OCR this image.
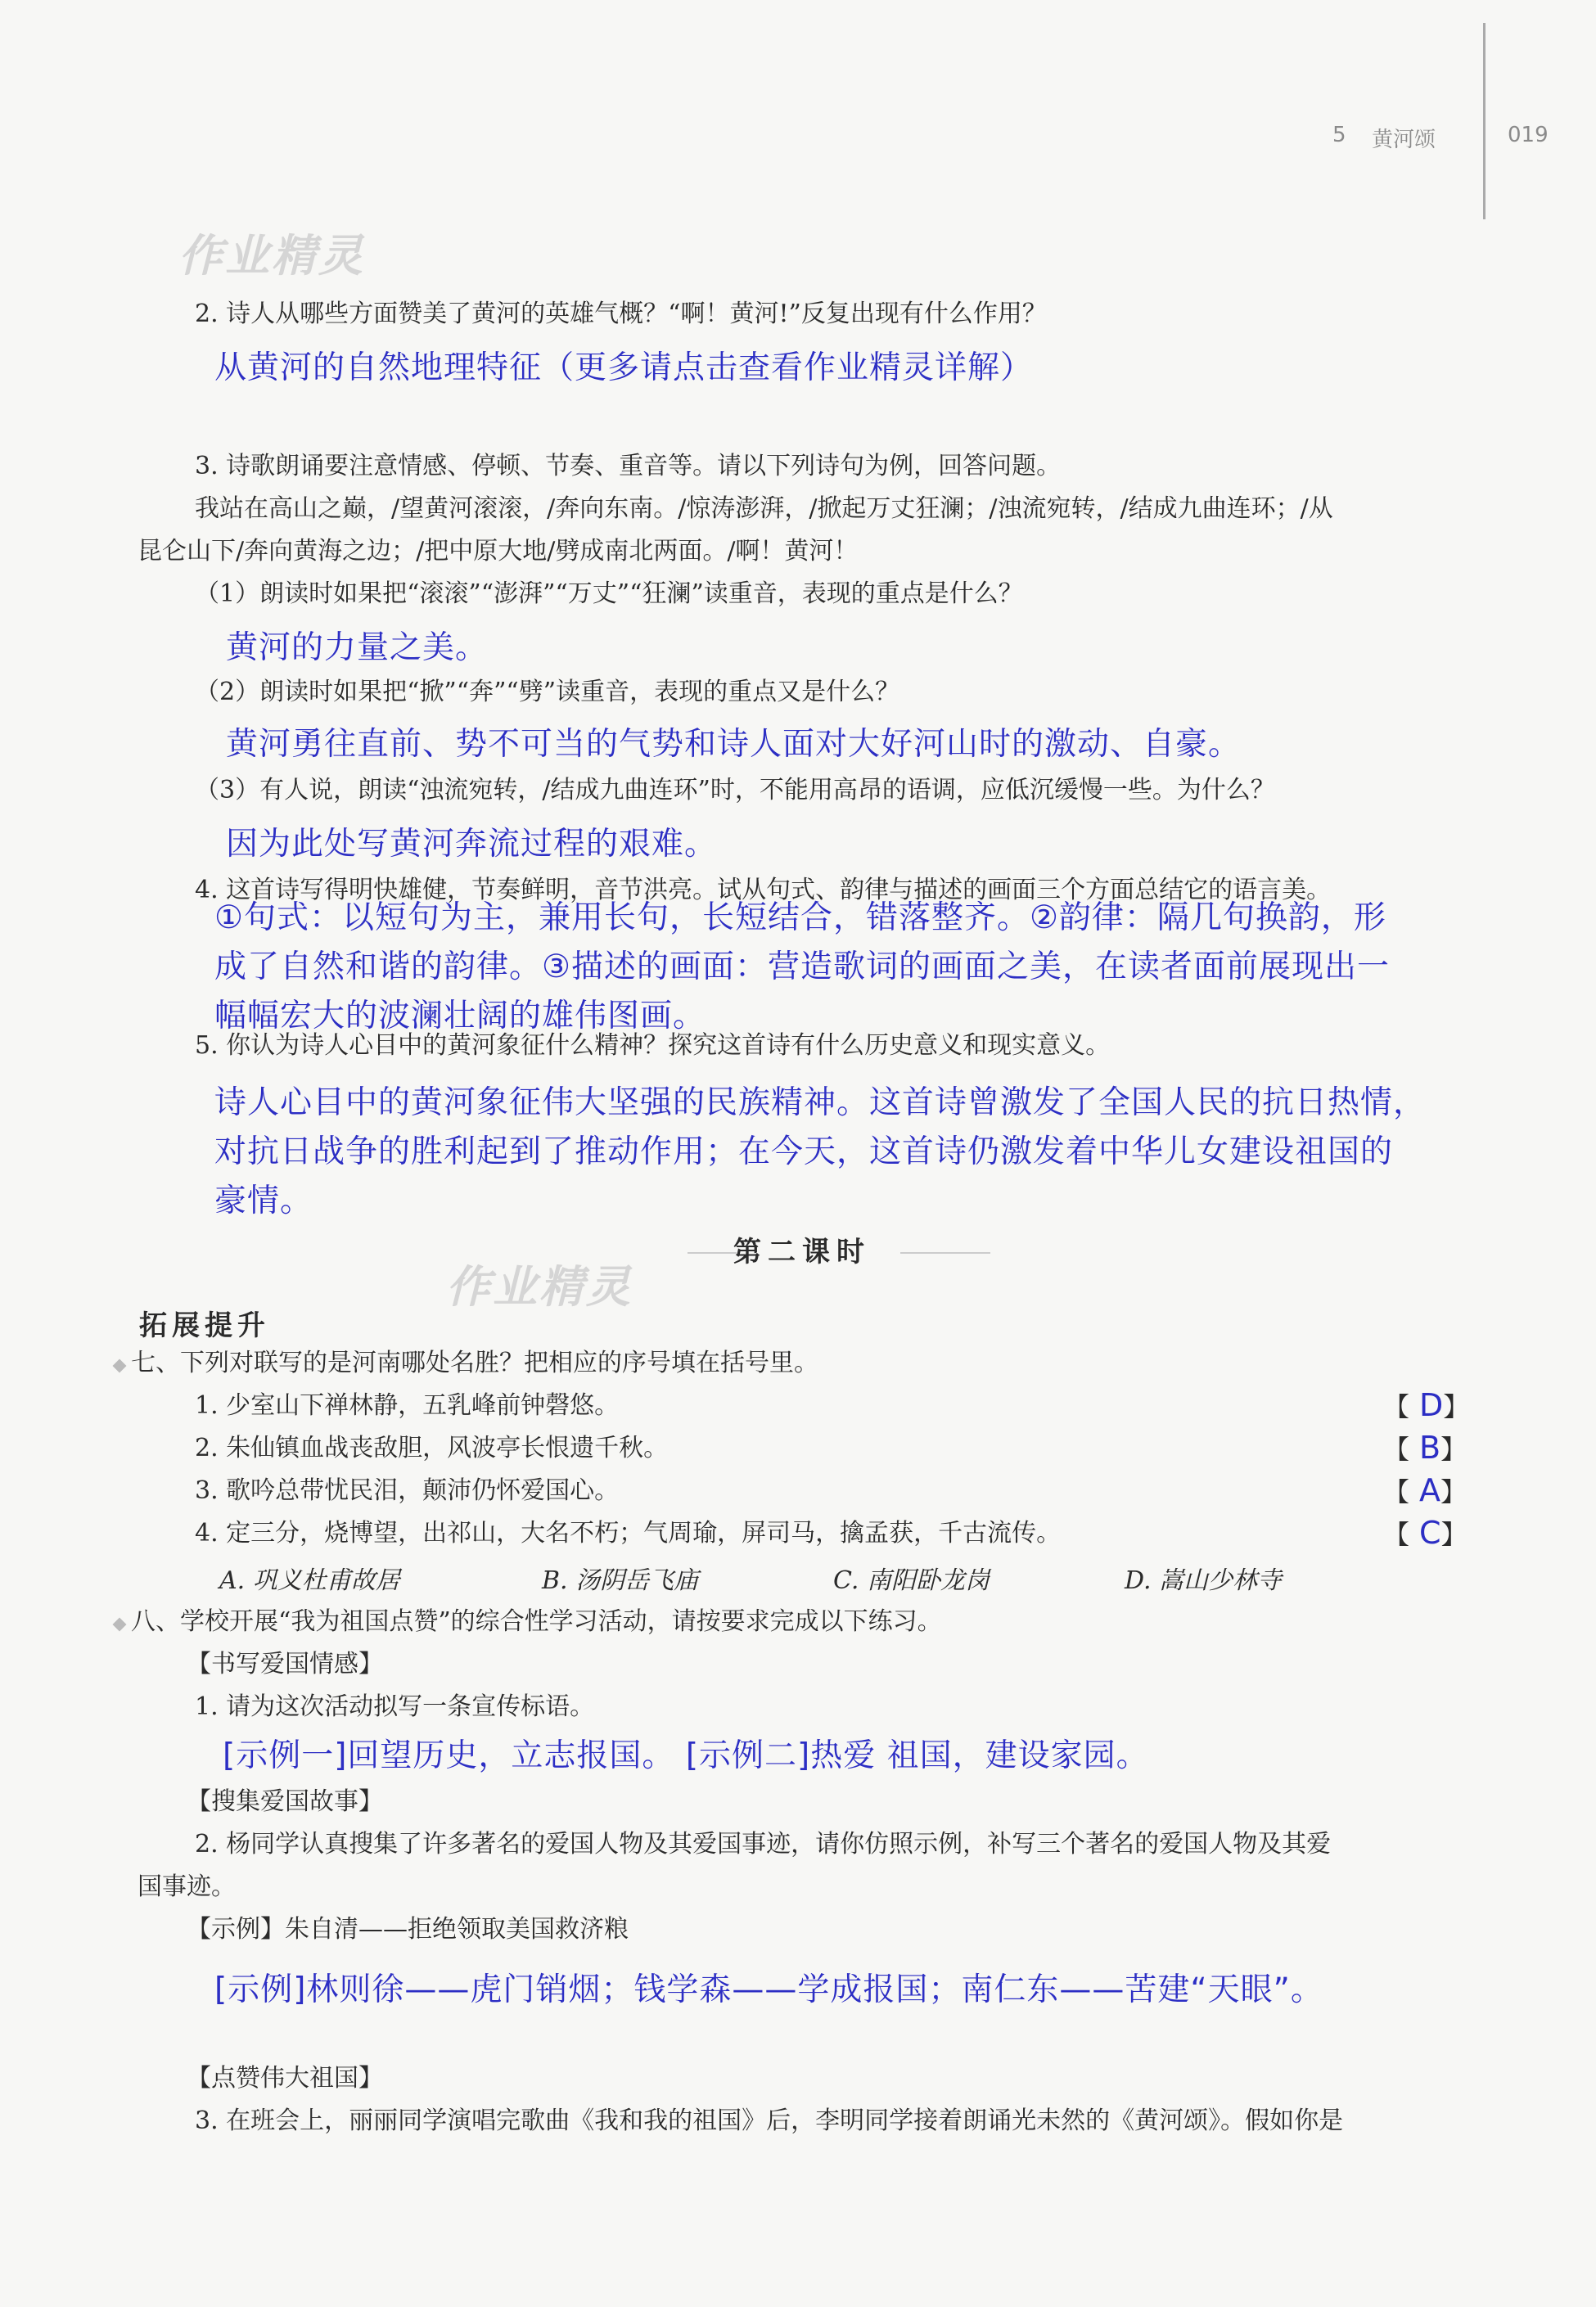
5 黄河颂	019
作业精灵
2. 诗人从哪些方面赞美了黄河的英雄气概？“啊！黄河!”反复出现有什么作用？
从黄河的自然地理特征（更多请点击查看作业精灵详解）
3. 诗歌朗诵要注意情感、停顿、节奏、重音等。请以下列诗句为例，回答问题。
我站在高山之巅，/望黄河滚滚，/奔向东南。/惊涛澎湃，/掀起万丈狂澜；/浊流宛转，/结成九曲连环；/从
昆仑山下/奔向黄海之边；/把中原大地/劈成南北两面。/啊！黄河！
（1）朗读时如果把“滚滚”“澎湃”“万丈”“狂澜”读重音，表现的重点是什么？
黄河的力量之美。
（2）朗读时如果把“掀”“奔”“劈”读重音，表现的重点又是什么？
黄河勇往直前、势不可当的气势和诗人面对大好河山时的激动、自豪。
（3）有人说，朗读“浊流宛转，/结成九曲连环”时，不能用高昂的语调，应低沉缓慢一些。为什么？
因为此处写黄河奔流过程的艰难。
4. 这首诗写得明快雄健，节奏鲜明，音节洪亮。试从句式、韵律与描述的画面三个方面总结它的语言美。
①句式：以短句为主，兼用长句，长短结合，错落整齐。②韵律：隔几句换韵，形
成了自然和谐的韵律。③描述的画面：营造歌词的画面之美，在读者面前展现出一
幅幅宏大的波澜壮阔的雄伟图画。
5. 你认为诗人心目中的黄河象征什么精神？探究这首诗有什么历史意义和现实意义。
诗人心目中的黄河象征伟大坚强的民族精神。这首诗曾激发了全国人民的抗日热情，
对抗日战争的胜利起到了推动作用；在今天，这首诗仍激发着中华儿女建设祖国的
豪情。
第二课时
作业精灵
拓展提升
七、下列对联写的是河南哪处名胜？把相应的序号填在括号里。
1. 少室山下禅林静，五乳峰前钟磬悠。	【D】
2. 朱仙镇血战丧敌胆，风波亭长恨遗千秋。	【B】
3. 歌吟总带忧民泪，颠沛仍怀爱国心。	【A】
4. 定三分，烧博望，出祁山，大名不朽；气周瑜，屏司马，擒孟获，千古流传。	【C】
A. 巩义杜甫故居	B. 汤阴岳飞庙	C. 南阳卧龙岗	D. 嵩山少林寺
八、学校开展“我为祖国点赞”的综合性学习活动，请按要求完成以下练习。
【书写爱国情感】
1. 请为这次活动拟写一条宣传标语。
[示例一]回望历史，立志报国。 [示例二]热爱 祖国，建设家园。
【搜集爱国故事】
2. 杨同学认真搜集了许多著名的爱国人物及其爱国事迹，请你仿照示例，补写三个著名的爱国人物及其爱
国事迹。
【示例】朱自清——拒绝领取美国救济粮
[示例]林则徐——虎门销烟；钱学森——学成报国；南仁东——苦建“天眼”。
【点赞伟大祖国】
3. 在班会上，丽丽同学演唱完歌曲《我和我的祖国》后，李明同学接着朗诵光未然的《黄河颂》。假如你是
